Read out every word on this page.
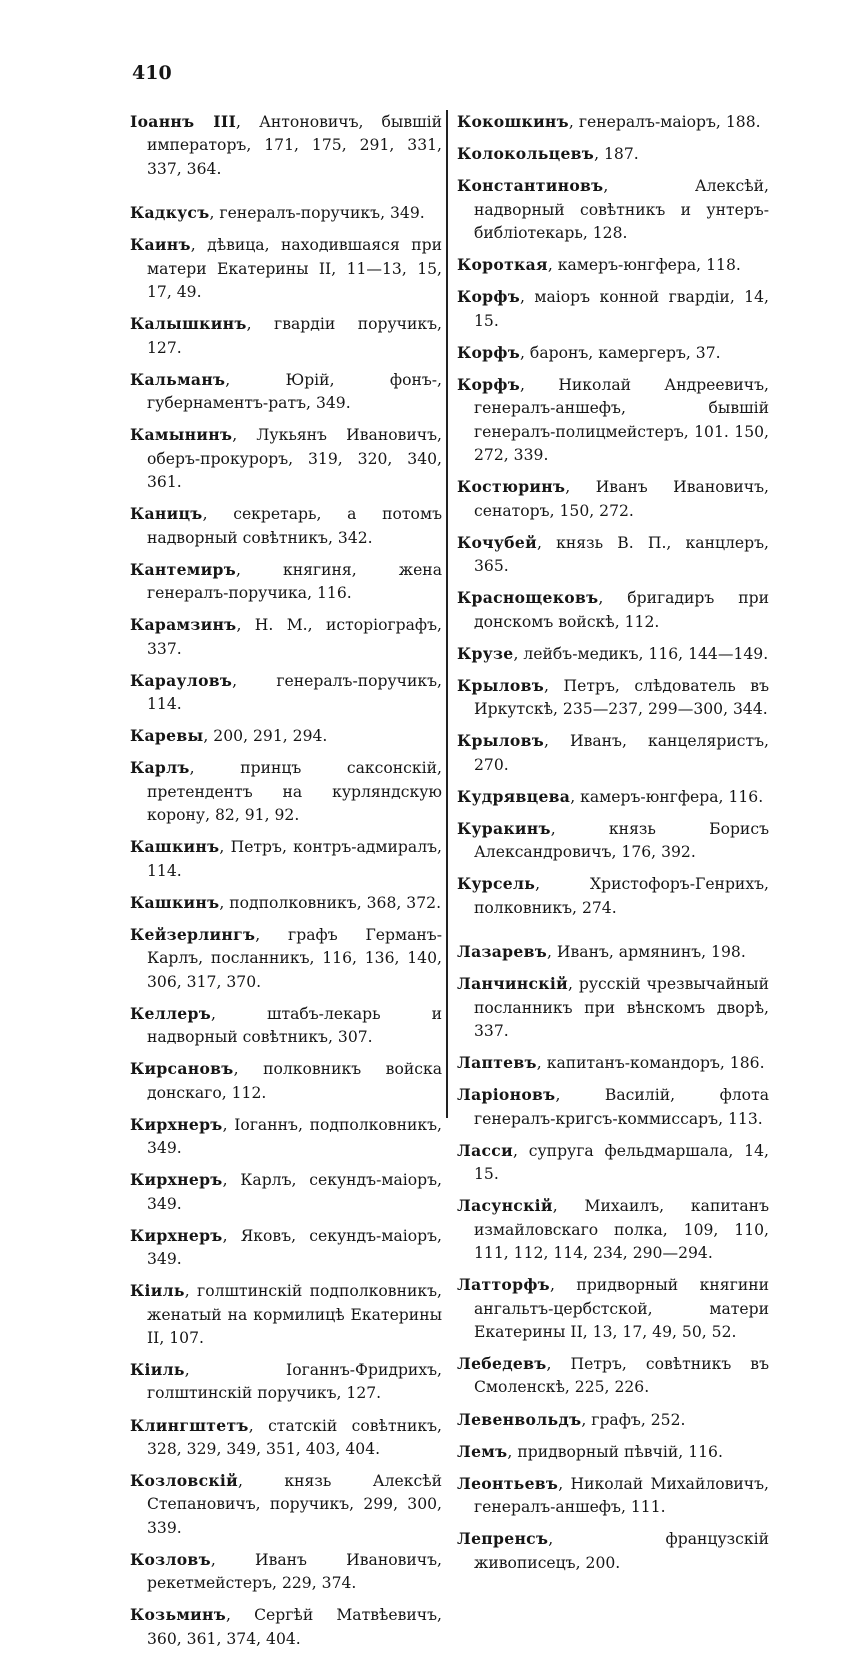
410

Іоаннъ III, Антоновичъ, бывшій императоръ, 171, 175, 291, 331, 337, 364.

Кадкусъ, генералъ-поручикъ, 349.

Каинъ, дѣвица, находившаяся при матери Екатерины II, 11—13, 15, 17, 49.

Калышкинъ, гвардіи поручикъ, 127.

Кальманъ, Юрій, фонъ-, губернаментъ-ратъ, 349.

Камынинъ, Лукьянъ Ивановичъ, оберъ-прокуроръ, 319, 320, 340, 361.

Каницъ, секретарь, а потомъ надворный совѣтникъ, 342.

Кантемиръ, княгиня, жена генералъ-поручика, 116.

Карамзинъ, Н. М., исторіографъ, 337.

Карауловъ, генералъ-поручикъ, 114.

Каревы, 200, 291, 294.

Карлъ, принцъ саксонскій, претендентъ на курляндскую корону, 82, 91, 92.

Кашкинъ, Петръ, контръ-адмиралъ, 114.

Кашкинъ, подполковникъ, 368, 372.

Кейзерлингъ, графъ Германъ-Карлъ, посланникъ, 116, 136, 140, 306, 317, 370.

Келлеръ, штабъ-лекарь и надворный совѣтникъ, 307.

Кирсановъ, полковникъ войска донскаго, 112.

Кирхнеръ, Іоганнъ, подполковникъ, 349.

Кирхнеръ, Карлъ, секундъ-маіоръ, 349.

Кирхнеръ, Яковъ, секундъ-маіоръ, 349.

Кіиль, голштинскій подполковникъ, женатый на кормилицѣ Екатерины II, 107.

Кіиль, Іоганнъ-Фридрихъ, голштинскій поручикъ, 127.

Клингштетъ, статскій совѣтникъ, 328, 329, 349, 351, 403, 404.

Козловскій, князь Алексѣй Степановичъ, поручикъ, 299, 300, 339.

Козловъ, Иванъ Ивановичъ, рекетмейстеръ, 229, 374.

Козьминъ, Сергѣй Матвѣевичъ, 360, 361, 374, 404.

Кокошкинъ, генералъ-маіоръ, 188.

Колокольцевъ, 187.

Константиновъ, Алексѣй, надворный совѣтникъ и унтеръ-библіотекарь, 128.

Короткая, камеръ-юнгфера, 118.

Корфъ, маіоръ конной гвардіи, 14, 15.

Корфъ, баронъ, камергеръ, 37.

Корфъ, Николай Андреевичъ, генералъ-аншефъ, бывшій генералъ-полицмейстеръ, 101. 150, 272, 339.

Костюринъ, Иванъ Ивановичъ, сенаторъ, 150, 272.

Кочубей, князь В. П., канцлеръ, 365.

Краснощековъ, бригадиръ при донскомъ войскѣ, 112.

Крузе, лейбъ-медикъ, 116, 144—149.

Крыловъ, Петръ, слѣдователь въ Иркутскѣ, 235—237, 299—300, 344.

Крыловъ, Иванъ, канцеляристъ, 270.

Кудрявцева, камеръ-юнгфера, 116.

Куракинъ, князь Борисъ Александровичъ, 176, 392.

Курсель, Христофоръ-Генрихъ, полковникъ, 274.

Лазаревъ, Иванъ, армянинъ, 198.

Ланчинскій, русскій чрезвычайный посланникъ при вѣнскомъ дворѣ, 337.

Лаптевъ, капитанъ-командоръ, 186.

Ларіоновъ, Василій, флота генералъ-кригсъ-коммиссаръ, 113.

Ласси, супруга фельдмаршала, 14, 15.

Ласунскій, Михаилъ, капитанъ измайловскаго полка, 109, 110, 111, 112, 114, 234, 290—294.

Латторфъ, придворный княгини ангальтъ-цербстской, матери Екатерины II, 13, 17, 49, 50, 52.

Лебедевъ, Петръ, совѣтникъ въ Смоленскѣ, 225, 226.

Левенвольдъ, графъ, 252.

Лемъ, придворный пѣвчій, 116.

Леонтьевъ, Николай Михайловичъ, генералъ-аншефъ, 111.

Лепренсъ, французскій живописецъ, 200.
